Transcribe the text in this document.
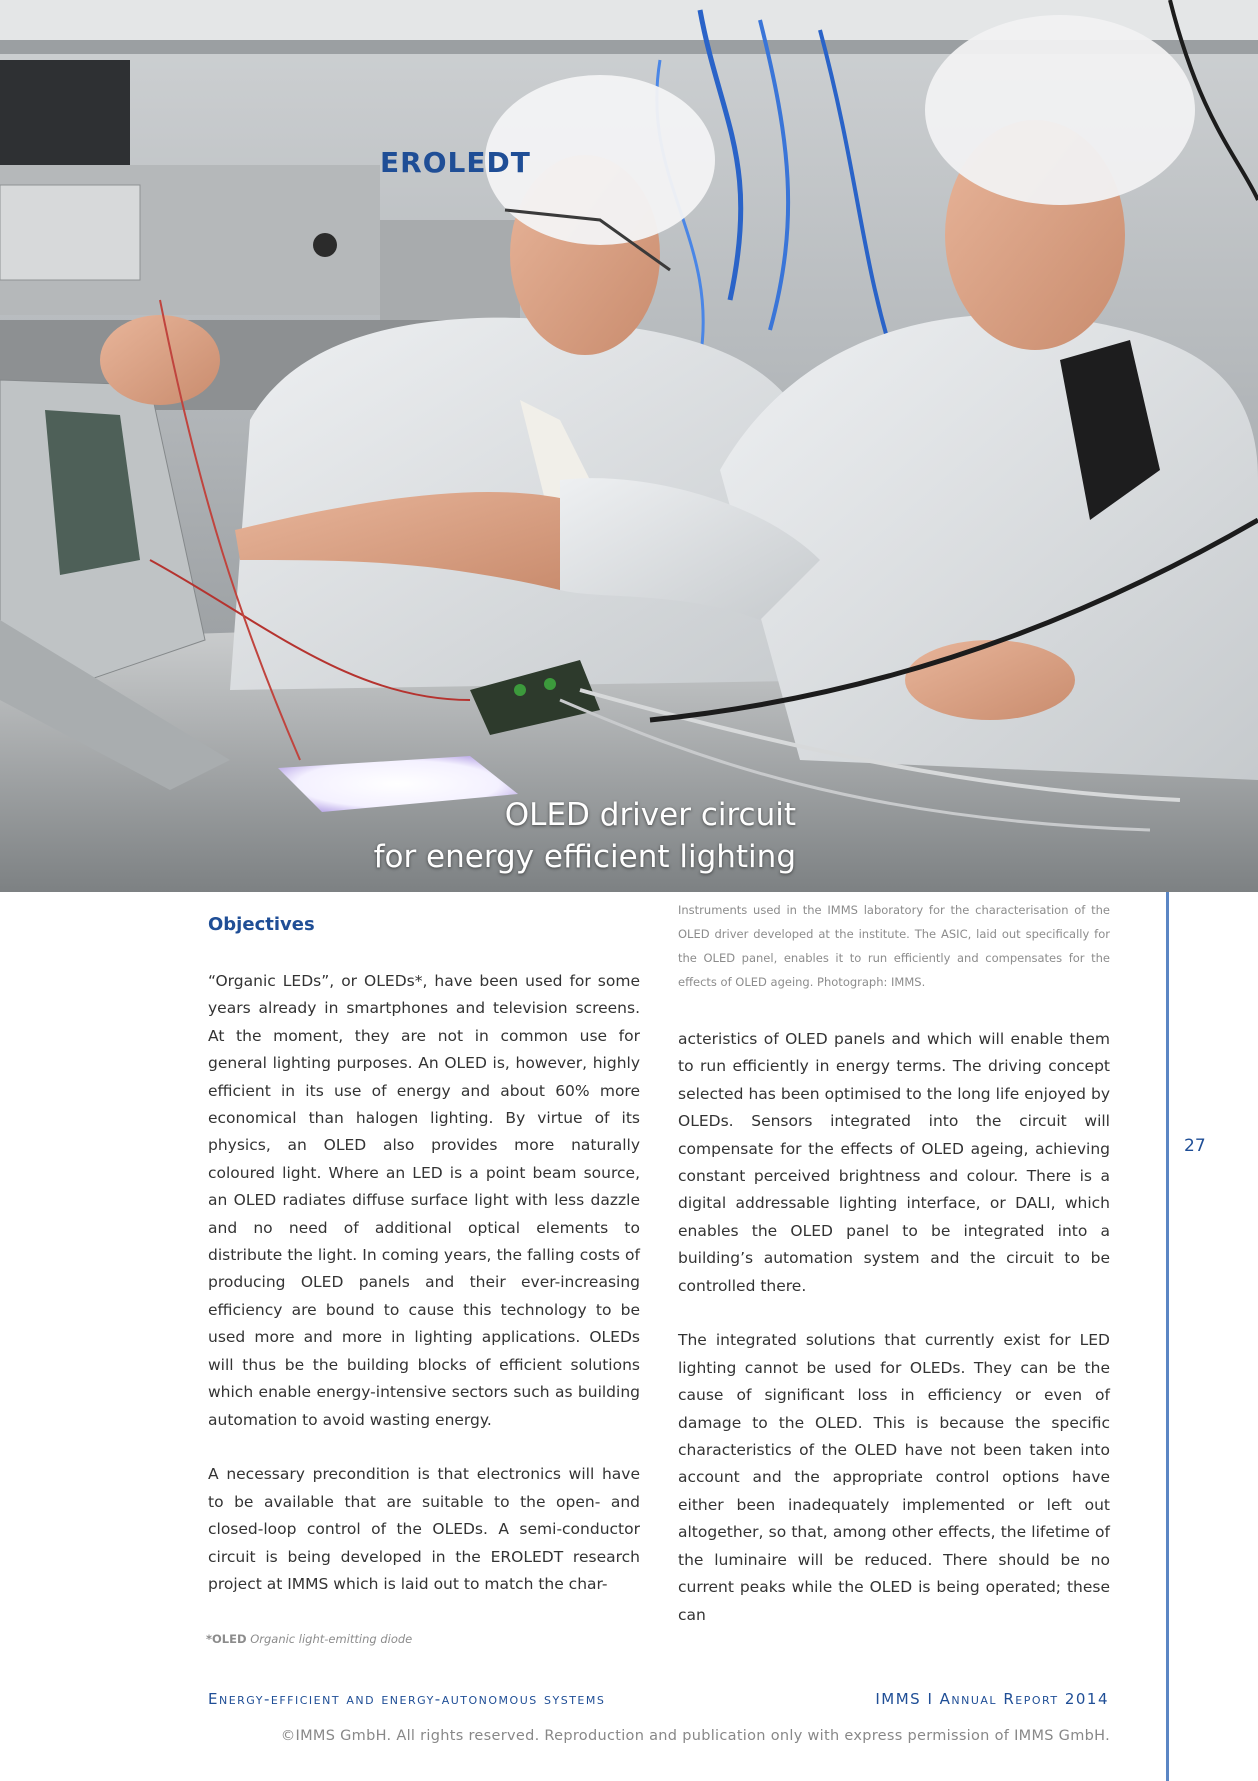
EROLEDT
OLED driver circuit
for energy efficient lighting
Objectives

“Organic LEDs”, or OLEDs*, have been used for some years already in smartphones and television screens. At the moment, they are not in common use for general lighting purposes. An OLED is, however, highly efficient in its use of energy and about 60% more economical than halogen lighting. By virtue of its physics, an OLED also provides more naturally coloured light. Where an LED is a point beam source, an OLED radiates diffuse surface light with less dazzle and no need of additional optical elements to distribute the light. In coming years, the falling costs of producing OLED panels and their ever-increasing efficiency are bound to cause this technology to be used more and more in lighting applications. OLEDs will thus be the building blocks of efficient solutions which enable energy-intensive sectors such as building automation to avoid wasting energy.

A necessary precondition is that electronics will have to be available that are suitable to the open- and closed-loop control of the OLEDs. A semi-conductor circuit is being developed in the EROLEDT research project at IMMS which is laid out to match the char-

Instruments used in the IMMS laboratory for the characterisation of the OLED driver developed at the institute. The ASIC, laid out specifically for the OLED panel, enables it to run efficiently and compensates for the effects of OLED ageing. Photograph: IMMS.

acteristics of OLED panels and which will enable them to run efficiently in energy terms. The driving concept selected has been optimised to the long life enjoyed by OLEDs. Sensors integrated into the circuit will compensate for the effects of OLED ageing, achieving constant perceived brightness and colour. There is a digital addressable lighting interface, or DALI, which enables the OLED panel to be integrated into a building’s automation system and the circuit to be controlled there.

The integrated solutions that currently exist for LED lighting cannot be used for OLEDs. They can be the cause of significant loss in efficiency or even of damage to the OLED. This is because the specific characteristics of the OLED have not been taken into account and the appropriate control options have either been inadequately implemented or left out altogether, so that, among other effects, the lifetime of the luminaire will be reduced. There should be no current peaks while the OLED is being operated; these can

*OLED Organic light-emitting diode
27
Energy-efficient and energy-autonomous systems	IMMS I Annual Report 2014
©IMMS GmbH. All rights reserved. Reproduction and publication only with express permission of IMMS GmbH.
